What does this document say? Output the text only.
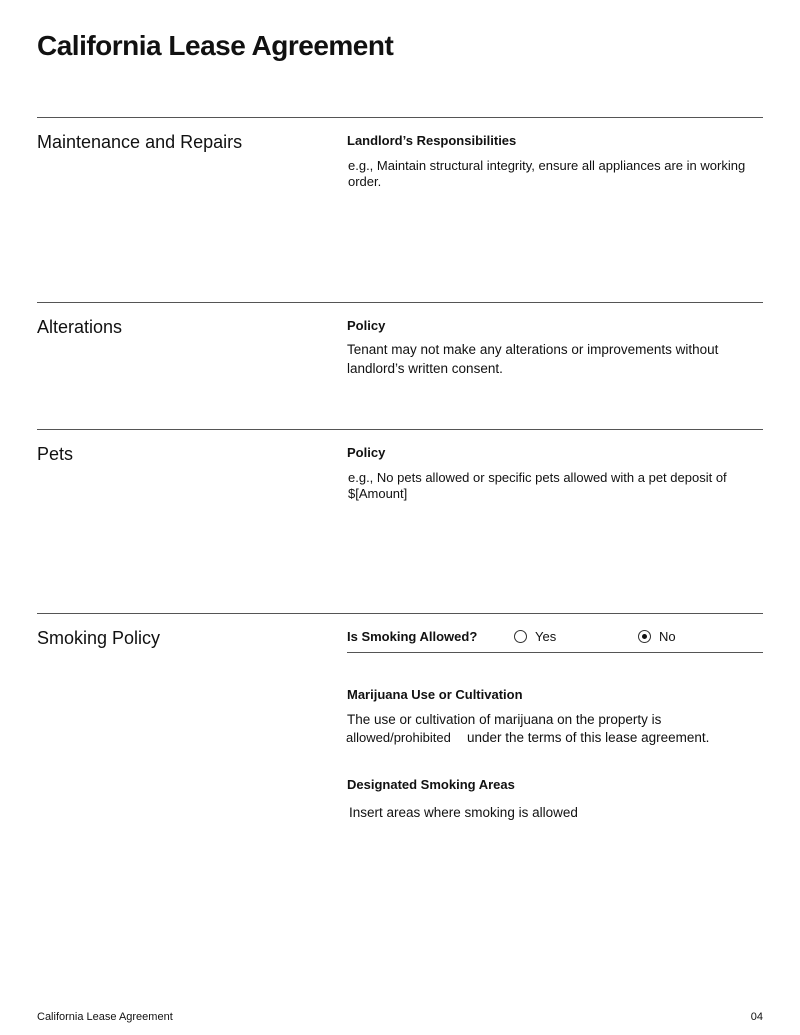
California Lease Agreement
Maintenance and Repairs	Landlord’s Responsibilities
e.g., Maintain structural integrity, ensure all appliances are in working order.
Alterations	Policy
Tenant may not make any alterations or improvements without landlord’s written consent.
Pets	Policy
e.g., No pets allowed or specific pets allowed with a pet deposit of $[Amount]
Smoking Policy	Is Smoking Allowed?	Yes	No
Marijuana Use or Cultivation
The use or cultivation of marijuana on the property is
allowed/prohibited under the terms of this lease agreement.
Designated Smoking Areas
Insert areas where smoking is allowed
California Lease Agreement	04
